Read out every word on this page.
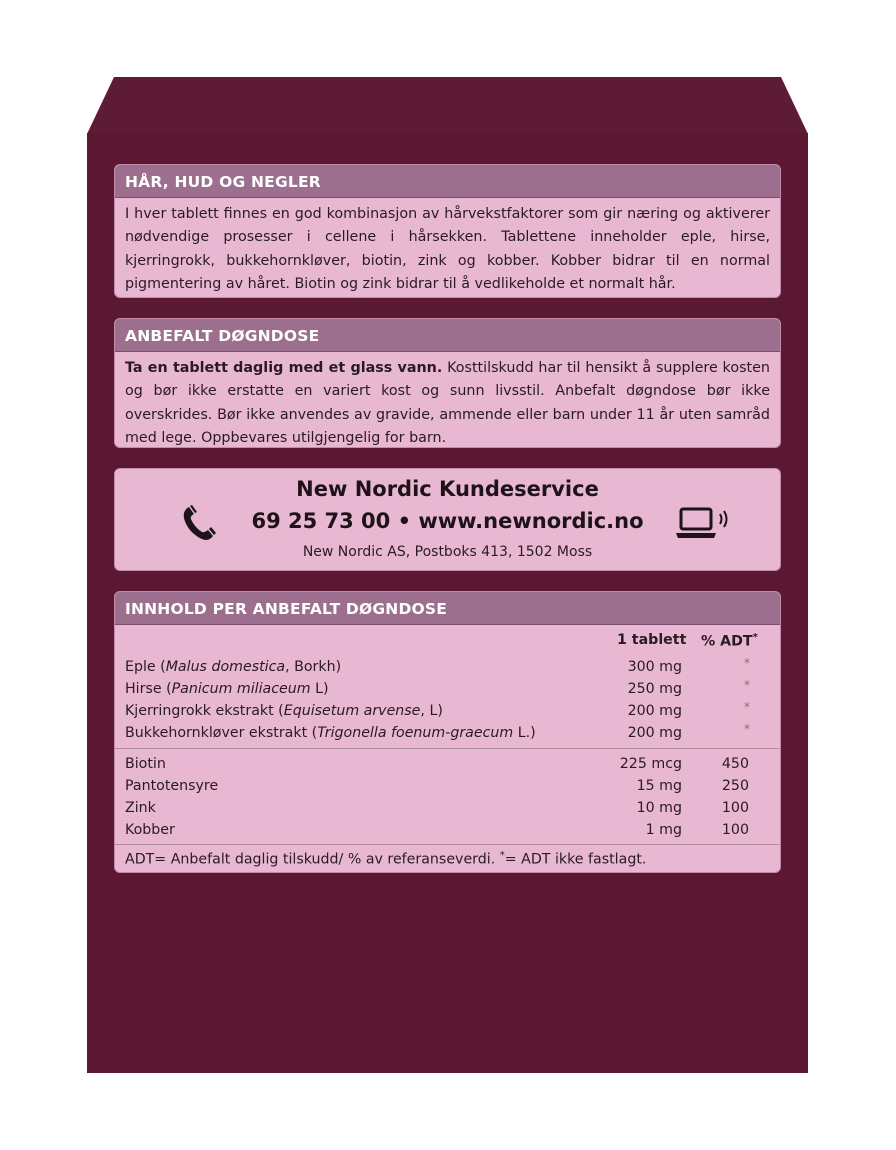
HÅR, HUD OG NEGLER
I hver tablett finnes en god kombinasjon av hårvekstfaktorer som gir næring og aktiverer nødvendige prosesser i cellene i hårsekken. Tablettene inneholder eple, hirse, kjerringrokk, bukkehornkløver, biotin, zink og kobber. Kobber bidrar til en normal pigmentering av håret. Biotin og zink bidrar til å vedlikeholde et normalt hår.
ANBEFALT DØGNDOSE
Ta en tablett daglig med et glass vann. Kosttilskudd har til hensikt å supplere kosten og bør ikke erstatte en variert kost og sunn livsstil. Anbefalt døgndose bør ikke overskrides. Bør ikke anvendes av gravide, ammende eller barn under 11 år uten samråd med lege. Oppbevares utilgjengelig for barn.
New Nordic Kundeservice
69 25 73 00 • www.newnordic.no
New Nordic AS, Postboks 413, 1502 Moss
INNHOLD PER ANBEFALT DØGNDOSE
1 tablett % ADT*
Eple (Malus domestica, Borkh)	300 mg	*
Hirse (Panicum miliaceum L)	250 mg	*
Kjerringrokk ekstrakt (Equisetum arvense, L)	200 mg	*
Bukkehornkløver ekstrakt (Trigonella foenum-graecum L.)	200 mg	*
Biotin	225 mcg	450
Pantotensyre	15 mg	250
Zink	10 mg	100
Kobber	1 mg	100
ADT= Anbefalt daglig tilskudd/ % av referanseverdi. *= ADT ikke fastlagt.
